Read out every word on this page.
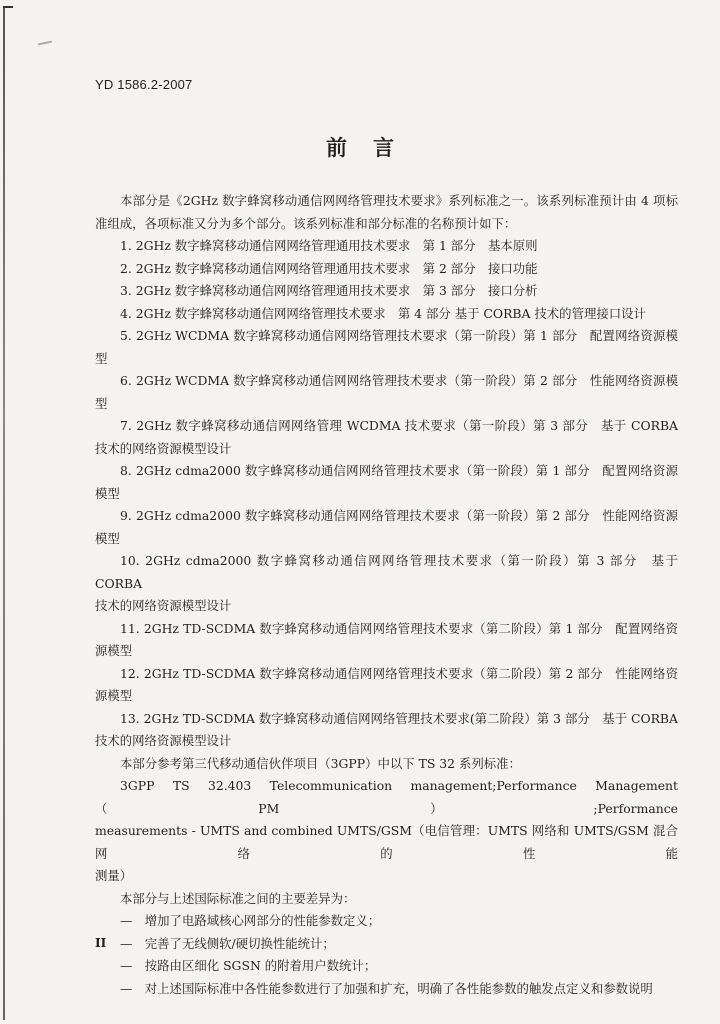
YD 1586.2-2007
前言

本部分是《2GHz 数字蜂窝移动通信网网络管理技术要求》系列标准之一。该系列标准预计由 4 项标

准组成，各项标准又分为多个部分。该系列标准和部分标准的名称预计如下：

1. 2GHz 数字蜂窝移动通信网网络管理通用技术要求　第 1 部分　基本原则

2. 2GHz 数字蜂窝移动通信网网络管理通用技术要求　第 2 部分　接口功能

3. 2GHz 数字蜂窝移动通信网网络管理通用技术要求　第 3 部分　接口分析

4. 2GHz 数字蜂窝移动通信网网络管理技术要求　第 4 部分 基于 CORBA 技术的管理接口设计

5. 2GHz WCDMA 数字蜂窝移动通信网网络管理技术要求（第一阶段）第 1 部分　配置网络资源模

型

6. 2GHz WCDMA 数字蜂窝移动通信网网络管理技术要求（第一阶段）第 2 部分　性能网络资源模

型

7. 2GHz 数字蜂窝移动通信网网络管理 WCDMA 技术要求（第一阶段）第 3 部分　基于 CORBA

技术的网络资源模型设计

8. 2GHz cdma2000 数字蜂窝移动通信网网络管理技术要求（第一阶段）第 1 部分　配置网络资源

模型

9. 2GHz cdma2000 数字蜂窝移动通信网网络管理技术要求（第一阶段）第 2 部分　性能网络资源

模型

10. 2GHz cdma2000 数字蜂窝移动通信网网络管理技术要求（第一阶段）第 3 部分　基于 CORBA

技术的网络资源模型设计

11. 2GHz TD-SCDMA 数字蜂窝移动通信网网络管理技术要求（第二阶段）第 1 部分　配置网络资

源模型

12. 2GHz TD-SCDMA 数字蜂窝移动通信网网络管理技术要求（第二阶段）第 2 部分　性能网络资

源模型

13. 2GHz TD-SCDMA 数字蜂窝移动通信网网络管理技术要求(第二阶段）第 3 部分　基于 CORBA

技术的网络资源模型设计

本部分参考第三代移动通信伙伴项目（3GPP）中以下 TS 32 系列标准：

3GPP TS 32.403 Telecommunication management;Performance Management （PM）;Performance

measurements - UMTS and combined UMTS/GSM（电信管理：UMTS 网络和 UMTS/GSM 混合网络的性能

测量）

本部分与上述国际标准之间的主要差异为：

—　增加了电路域核心网部分的性能参数定义；

—　完善了无线侧软/硬切换性能统计；

—　按路由区细化 SGSN 的附着用户数统计；

—　对上述国际标准中各性能参数进行了加强和扩充，明确了各性能参数的触发点定义和参数说明

II
